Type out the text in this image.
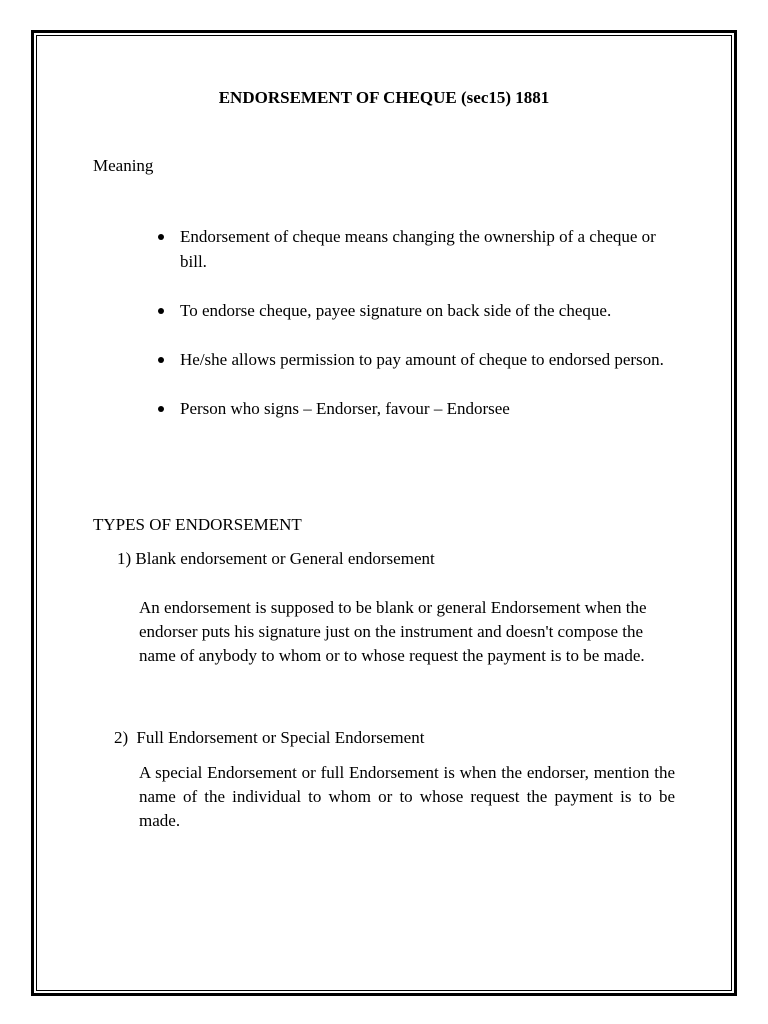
ENDORSEMENT OF CHEQUE (sec15) 1881
Meaning
Endorsement of cheque means changing the ownership of a cheque or bill.
To endorse cheque, payee signature on back side of the cheque.
He/she allows permission to pay amount of cheque to endorsed person.
Person who signs – Endorser, favour – Endorsee
TYPES OF ENDORSEMENT
1) Blank endorsement or General endorsement
An endorsement is supposed to be blank or general Endorsement when the endorser puts his signature just on the instrument and doesn't compose the name of anybody to whom or to whose request the payment is to be made.
2) Full Endorsement or Special Endorsement
A special Endorsement or full Endorsement is when the endorser, mention the name of the individual to whom or to whose request the payment is to be made.
